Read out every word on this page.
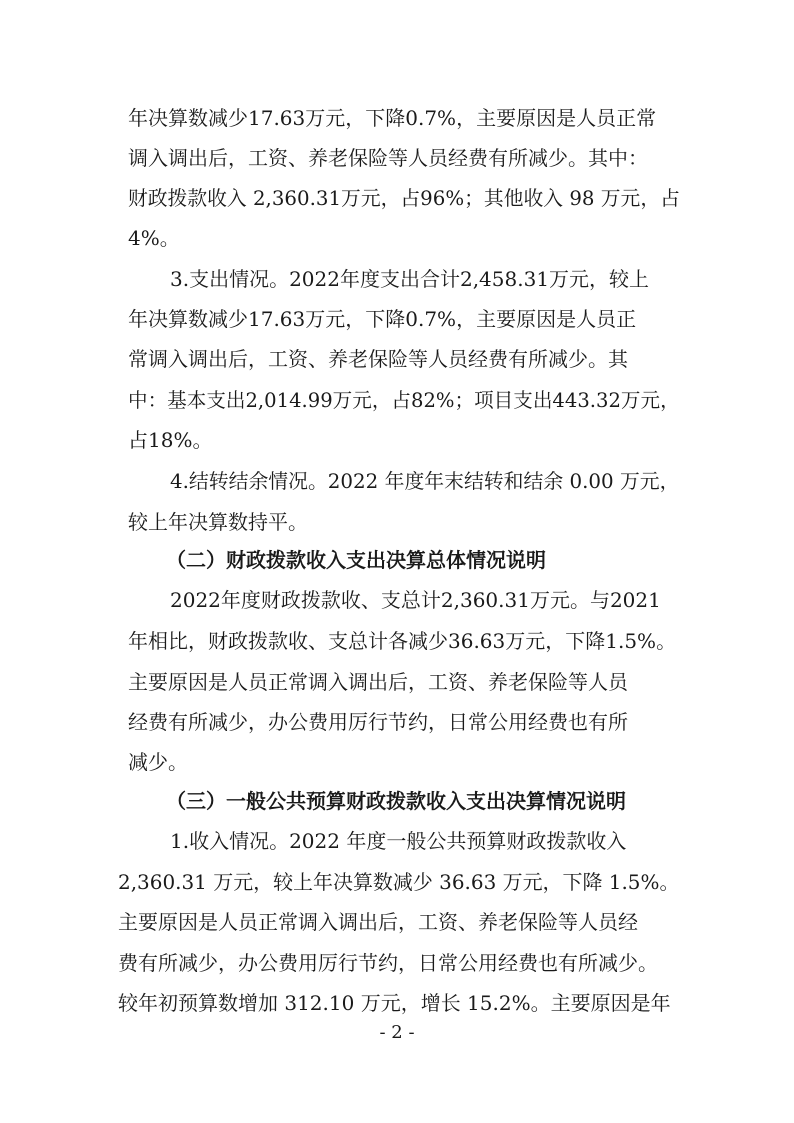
年决算数减少17.63万元，下降0.7%，主要原因是人员正常
调入调出后，工资、养老保险等人员经费有所减少。其中：
财政拨款收入 2,360.31万元，占96%；其他收入 98 万元，占
4%。
3.支出情况。2022年度支出合计2,458.31万元，较上
年决算数减少17.63万元，下降0.7%，主要原因是人员正
常调入调出后，工资、养老保险等人员经费有所减少。其
中：基本支出2,014.99万元，占82%；项目支出443.32万元，
占18%。
4.结转结余情况。2022 年度年末结转和结余 0.00 万元，
较上年决算数持平。
（二）财政拨款收入支出决算总体情况说明
2022年度财政拨款收、支总计2,360.31万元。与2021
年相比，财政拨款收、支总计各减少36.63万元，下降1.5%。
主要原因是人员正常调入调出后，工资、养老保险等人员
经费有所减少，办公费用厉行节约，日常公用经费也有所
减少。
（三）一般公共预算财政拨款收入支出决算情况说明
1.收入情况。2022 年度一般公共预算财政拨款收入
2,360.31 万元，较上年决算数减少 36.63 万元，下降 1.5%。
主要原因是人员正常调入调出后，工资、养老保险等人员经
费有所减少，办公费用厉行节约，日常公用经费也有所减少。
较年初预算数增加 312.10 万元，增长 15.2%。主要原因是年
- 2 -
